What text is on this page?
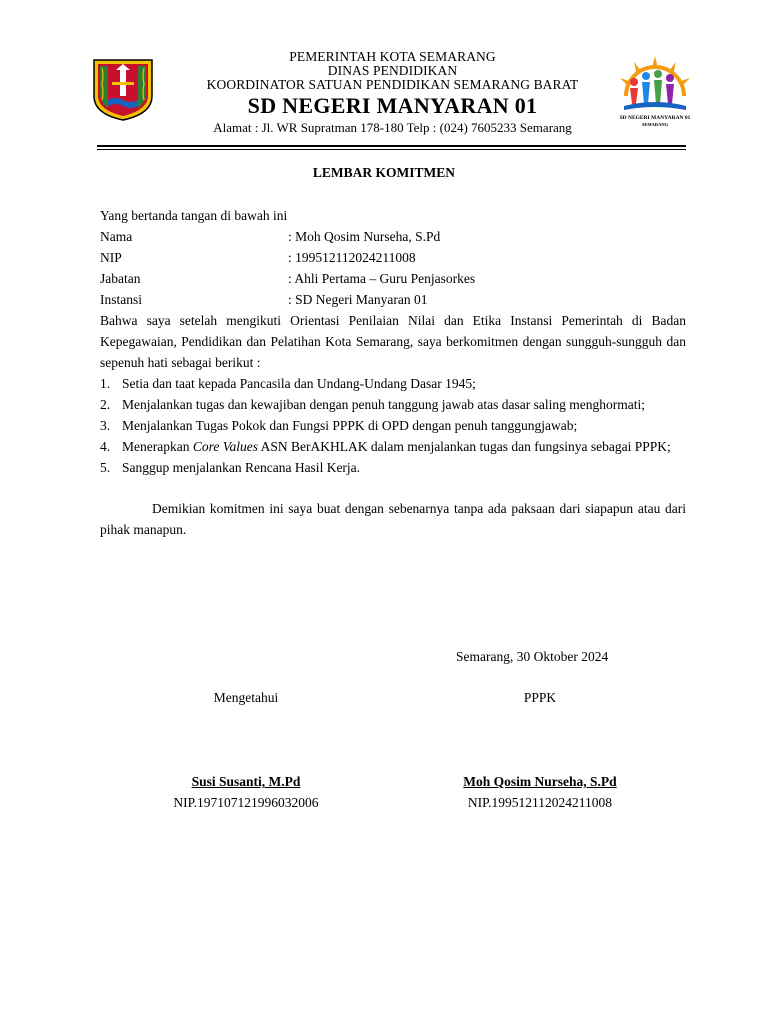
PEMERINTAH KOTA SEMARANG
DINAS PENDIDIKAN
KOORDINATOR SATUAN PENDIDIKAN SEMARANG BARAT
SD NEGERI MANYARAN 01
Alamat : Jl. WR Supratman 178-180 Telp : (024) 7605233 Semarang
SD NEGERI MANYARAN 01
SEMARANG
LEMBAR KOMITMEN
Yang bertanda tangan di bawah ini
Nama	: Moh Qosim Nurseha, S.Pd
NIP	: 199512112024211008
Jabatan	: Ahli Pertama – Guru Penjasorkes
Instansi	: SD Negeri Manyaran 01
Bahwa saya setelah mengikuti Orientasi Penilaian Nilai dan Etika Instansi Pemerintah di Badan Kepegawaian, Pendidikan dan Pelatihan Kota Semarang, saya berkomitmen dengan sungguh-sungguh dan sepenuh hati sebagai berikut :
1. Setia dan taat kepada Pancasila dan Undang-Undang Dasar 1945;
2. Menjalankan tugas dan kewajiban dengan penuh tanggung jawab atas dasar saling menghormati;
3. Menjalankan Tugas Pokok dan Fungsi PPPK di OPD dengan penuh tanggungjawab;
4. Menerapkan Core Values ASN BerAKHLAK dalam menjalankan tugas dan fungsinya sebagai PPPK;
5. Sanggup menjalankan Rencana Hasil Kerja.
Demikian komitmen ini saya buat dengan sebenarnya tanpa ada paksaan dari siapapun atau dari pihak manapun.
Semarang, 30 Oktober 2024
Mengetahui	PPPK
Susi Susanti, M.Pd	Moh Qosim Nurseha, S.Pd
NIP.197107121996032006	NIP.199512112024211008
